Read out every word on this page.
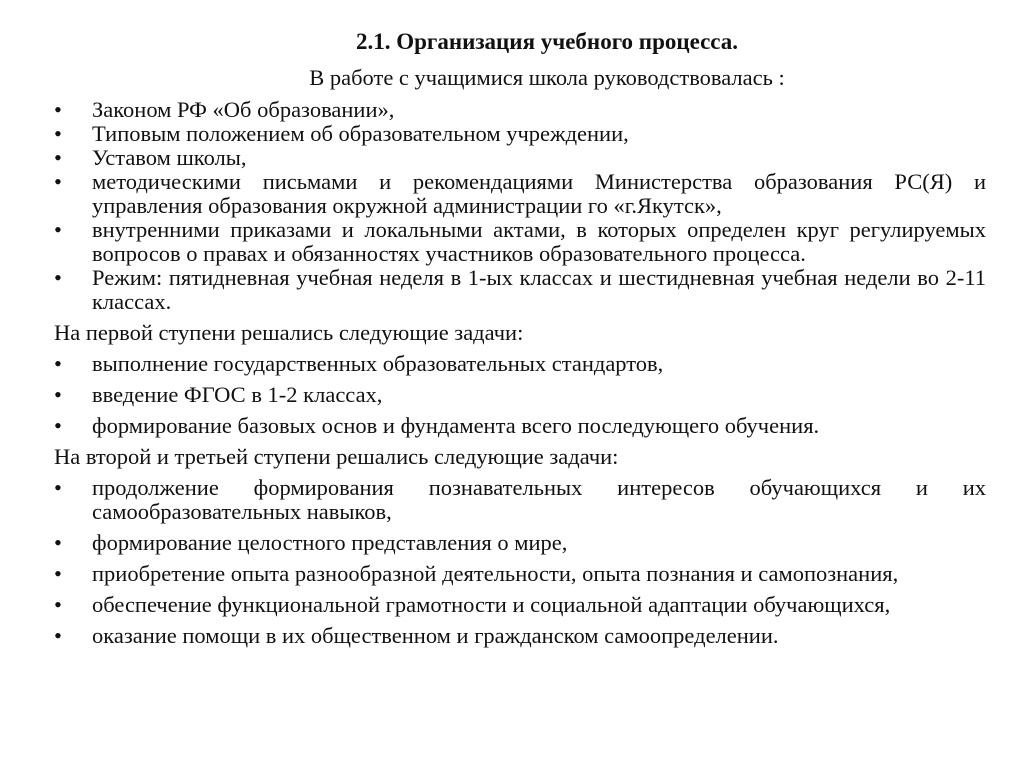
2.1. Организация учебного процесса.
В работе с учащимися школа руководствовалась :
• Законом РФ «Об образовании»,
• Типовым положением об образовательном учреждении,
• Уставом школы,
• методическими письмами и рекомендациями Министерства образования РС(Я) и управления образования окружной администрации го «г.Якутск»,
• внутренними приказами и локальными актами, в которых определен круг регулируемых вопросов о правах и обязанностях участников образовательного процесса.
• Режим: пятидневная учебная неделя в 1-ых классах и шестидневная учебная недели во 2-11 классах.
На первой ступени решались следующие задачи:
• выполнение государственных образовательных стандартов,
• введение ФГОС в 1-2 классах,
• формирование базовых основ и фундамента всего последующего обучения.
На второй и третьей ступени решались следующие задачи:
• продолжение формирования познавательных интересов обучающихся и их самообразовательных навыков,
• формирование целостного представления о мире,
• приобретение опыта разнообразной деятельности, опыта познания и самопознания,
• обеспечение функциональной грамотности и социальной адаптации обучающихся,
• оказание помощи в их общественном и гражданском самоопределении.
